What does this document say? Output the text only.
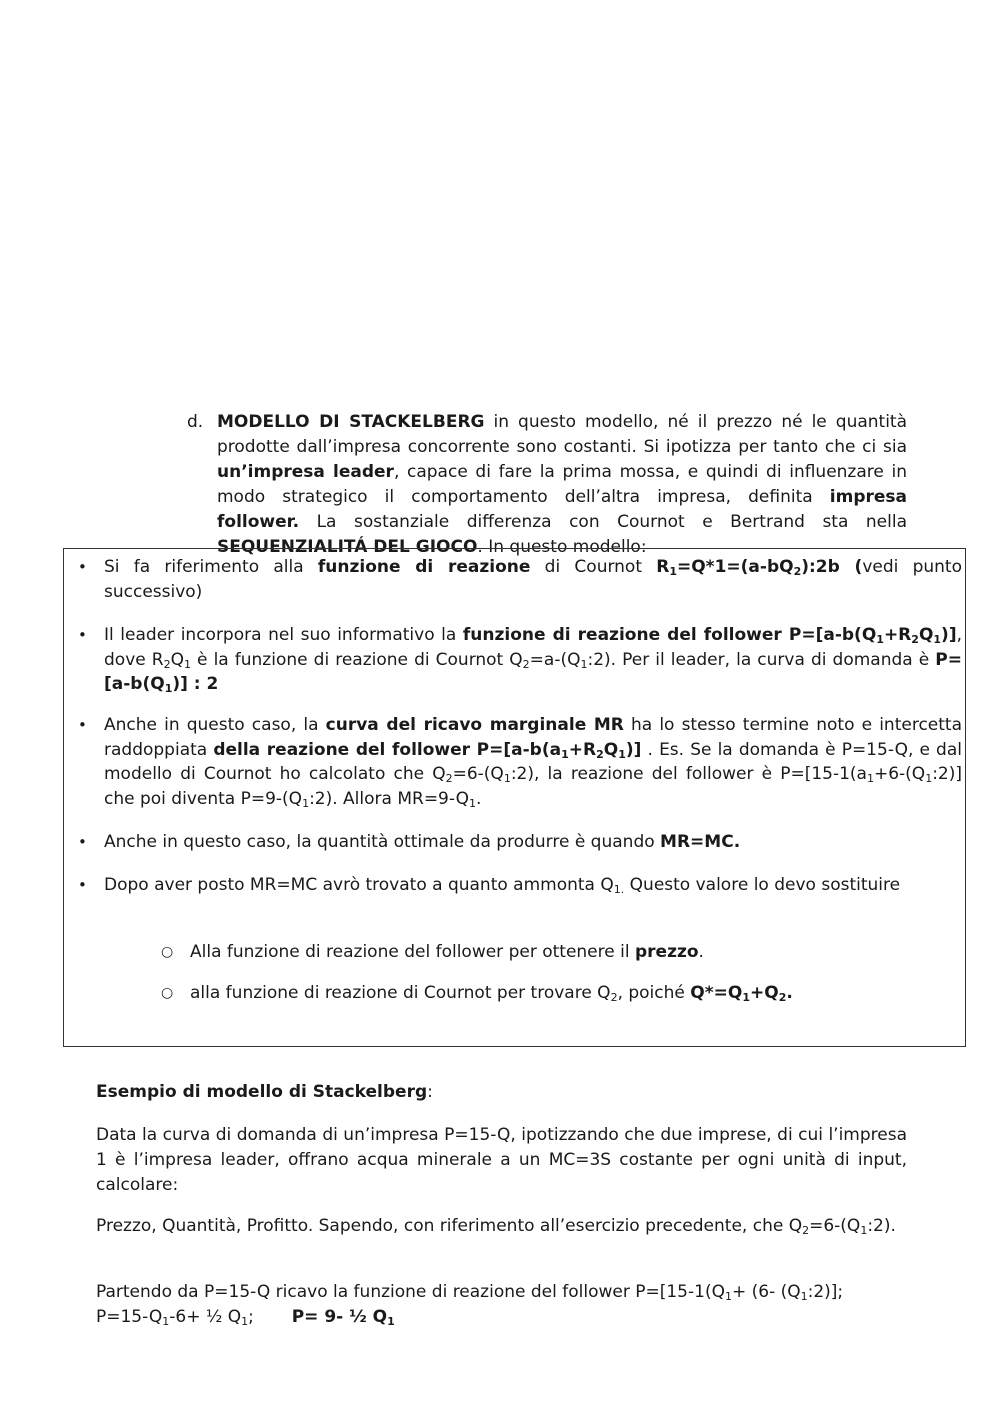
d. MODELLO DI STACKELBERG in questo modello, né il prezzo né le quantità prodotte dall’impresa concorrente sono costanti. Si ipotizza per tanto che ci sia un’impresa leader, capace di fare la prima mossa, e quindi di influenzare in modo strategico il comportamento dell’altra impresa, definita impresa follower. La sostanziale differenza con Cournot e Bertrand sta nella SEQUENZIALITÁ DEL GIOCO. In questo modello:
• Si fa riferimento alla funzione di reazione di Cournot $R_1=Q*1=(a-bQ_2):2b$ (vedi punto successivo)
• Il leader incorpora nel suo informativo la funzione di reazione del follower $P=[a-b(Q_1+R_2Q_1)]$, dove $R_2Q_1$ è la funzione di reazione di Cournot $Q_2=a-(Q_1:2)$. Per il leader, la curva di domanda è $P=[a-b(Q_1)]$ : 2
• Anche in questo caso, la curva del ricavo marginale MR ha lo stesso termine noto e intercetta raddoppiata della reazione del follower $P=[a-b(a_1+R_2Q_1)]$ . Es. Se la domanda è P=15-Q, e dal modello di Cournot ho calcolato che $Q_2=6-(Q_1:2)$, la reazione del follower è $P=[15-1(a_1+6-(Q_1:2)]$ che poi diventa $P=9-(Q_1:2)$. Allora $MR=9-Q_1$.
• Anche in questo caso, la quantità ottimale da produrre è quando MR=MC.
• Dopo aver posto MR=MC avrò trovato a quanto ammonta $Q_{1.}$ Questo valore lo devo sostituire
○ Alla funzione di reazione del follower per ottenere il prezzo.
○ alla funzione di reazione di Cournot per trovare $Q_2$, poiché $Q*=Q_1+Q_2$.
Esempio di modello di Stackelberg:
Data la curva di domanda di un’impresa P=15-Q, ipotizzando che due imprese, di cui l’impresa 1 è l’impresa leader, offrano acqua minerale a un MC=3S costante per ogni unità di input, calcolare:
Prezzo, Quantità, Profitto. Sapendo, con riferimento all’esercizio precedente, che $Q_2=6-(Q_1:2)$.
Partendo da P=15-Q ricavo la funzione di reazione del follower $P=[15-1(Q_1+ (6-$ $(Q_1:2)$];
$P=15-Q_1-6+$ ½ $Q_1$;       P= 9- ½ $Q_1$
